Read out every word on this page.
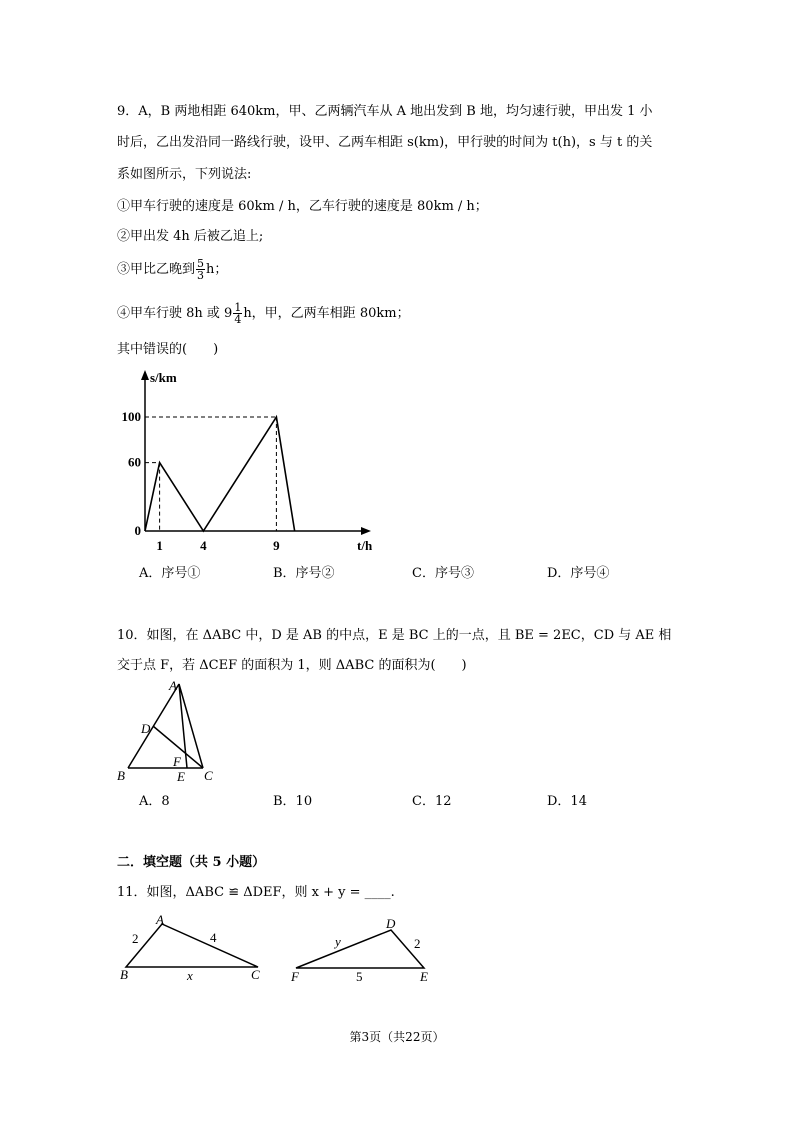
9．A，B 两地相距 640km，甲、乙两辆汽车从 A 地出发到 B 地，均匀速行驶，甲出发 1 小
时后，乙出发沿同一路线行驶，设甲、乙两车相距 s(km)，甲行驶的时间为 t(h)，s 与 t 的关
系如图所示，下列说法:
①甲车行驶的速度是 60km / h，乙车行驶的速度是 80km / h；
②甲出发 4h 后被乙追上;
③甲比乙晚到 $\frac{5}{3}$ h；
④甲车行驶 8h 或 $9 \frac{1}{4}$ h，甲，乙两车相距 80km；
其中错误的(　　)
s/km
t/h
0
60
100
1	4	9
A．序号①	B．序号②	C．序号③	D．序号④
10．如图，在 ΔABC 中，D 是 AB 的中点，E 是 BC 上的一点，且 BE = 2EC，CD 与 AE 相
交于点 F，若 ΔCEF 的面积为 1，则 ΔABC 的面积为(　　)
A
B	C
D
E
F
A．8	B．10	C．12	D．14
二．填空题（共 5 小题）
11．如图，ΔABC ≌ ΔDEF，则 x + y = ____.
A
B	C
2	4
x
D
E
F
y	2
5
第3页（共22页）
